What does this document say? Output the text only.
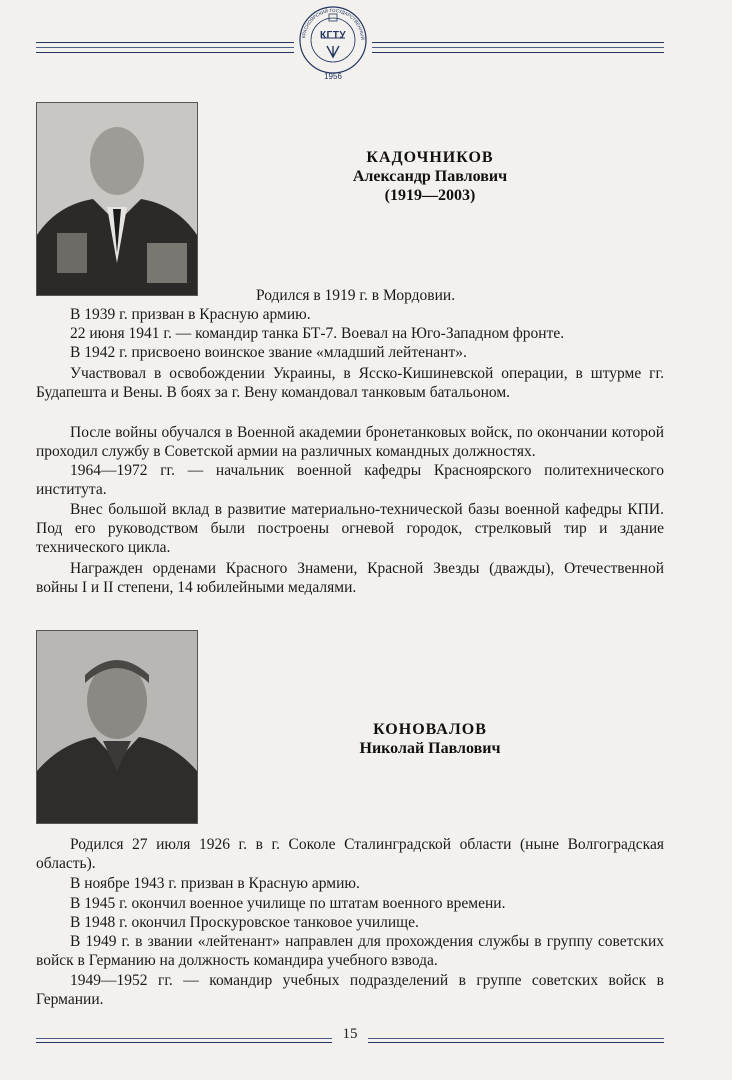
КРАСНОЯРСКИЙ ГОСУДАРСТВЕННЫЙ
КГТУ
1956
КАДОЧНИКОВ
Александр Павлович
(1919—2003)
Родился в 1919 г. в Мордовии.
В 1939 г. призван в Красную армию.
22 июня 1941 г. — командир танка БТ-7. Воевал на Юго-Западном фронте.
В 1942 г. присвоено воинское звание «младший лейтенант».
Участвовал в освобождении Украины, в Ясско-Кишиневской операции, в штурме гг. Будапешта и Вены. В боях за г. Вену командовал танковым батальоном.
После войны обучался в Военной академии бронетанковых войск, по окончании которой проходил службу в Советской армии на различных командных должностях.
1964—1972 гг. — начальник военной кафедры Красноярского политехнического института.
Внес большой вклад в развитие материально-технической базы военной кафедры КПИ. Под его руководством были построены огневой городок, стрелковый тир и здание технического цикла.
Награжден орденами Красного Знамени, Красной Звезды (дважды), Отечественной войны I и II степени, 14 юбилейными медалями.
КОНОВАЛОВ
Николай Павлович
Родился 27 июля 1926 г. в г. Соколе Сталинградской области (ныне Волгоградская область).
В ноябре 1943 г. призван в Красную армию.
В 1945 г. окончил военное училище по штатам военного времени.
В 1948 г. окончил Проскуровское танковое училище.
В 1949 г. в звании «лейтенант» направлен для прохождения службы в группу советских войск в Германию на должность командира учебного взвода.
1949—1952 гг. — командир учебных подразделений в группе советских войск в Германии.
15
